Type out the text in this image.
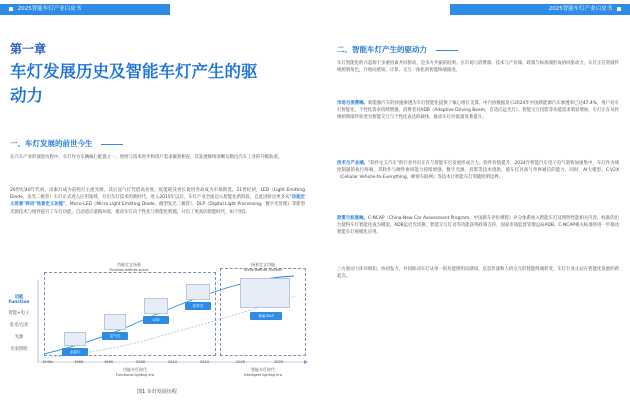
2025智能车灯产业白皮书
第一章
车灯发展历史及智能车灯产生的驱动力
一、车灯发展的前世今生
在汽车产业的演进历程中，车灯作为车辆核心配置之一，始终与技术进步和用户需求紧密相连，其发展脉络清晰勾勒出汽车工业的升级轨迹。
20世纪40年代初，卤素灯成为前照灯主流光源，其后氙气灯凭借高亮度、低能耗及更长使用寿命成为市场新选。21世纪初，LED（Light Emitting Diode，发光二极管）车灯正式进入应用领域，开启车灯技术的新时代，进入2015年以后，车灯产业全面迈入智能化新阶段，自此进阶出更多从"功能定义场景"转向"场景定义功能"。Micro-LED（Micro Light Emitting Diode，微型发光二极管）、DLP（Digital Light Processing，数字光处理）等新型光源技术与组件提升了车灯功能，自动适应道路环境，推动车灯向个性化与智能化跨越，开启了更高的智能时代，如下图1。
功能 Function
智能+电子
发光/点亮
光源
光束照明
功能定义场景
Function defines scene
场景定义功能
Scene defines function
卤素灯
氙气灯
LED
矩阵式
像素/DLP
1940s	1980	1990	2000	2010	2015	2020	2025
功能车灯时代
Functional lighting era
智能车灯时代
Intelligent lighting era
图1 车灯发展历程
2025智能车灯产业白皮书
二、智能车灯产生的驱动力
车灯智能化的兴起源于多重因素共同驱动，是多方共振的结果。在市场与消费端、技术与产业端、政策与标准端形成协同驱动力，车灯正在突破传统照明角色，开始向感知、计算、交互一体化的智能终端演进。
市场与消费端。新能源汽车的快速渗透为车灯智能化提供了核心增长支撑。中汽协数据显示2024年中国新能源汽车渗透率已达47.4%，用户对车灯智能化、个性化需求持续增强，消费者对ADB（Adaptive Driving Beam，自适应远光灯）、智能交互投影等功能需求明显增加，车灯正在从传统照明部件转变为智能交互与个性化表达的载体，推动车灯价值量显著提升。
技术与产业端。"软件定义汽车"的行业共识正在与智能车灯发展形成合力。软件价值提升，2024年智能汽车电子电气架构加速集中，车灯作为域控制器的执行终端，其软件与硬件协同能力持续增强，数字光源、投影等技术创新，使车灯具备与外界通信的能力，同时，AI大模型、C-V2X（Cellular Vehicle-to-Everything，蜂窝车联网）等技术让智能车灯突破照明边界。
政策与标准端。C-NCAP（China-New Car Assessment Program，中国新车评价规程）评分体系加入智能车灯及照明性能相关内容，标准的出台使得车灯智能化成为刚需，ADB远近光切换、智能交互灯语等功能获得政策支持，国家市场监督管理总局ADB、C-NCAP相关标准将进一步推动智能车灯规模化应用。
三方驱动力环环相扣，协同发力，共同推动车灯从单一的功能照明向感知、信息传递和人机交互的智能终端转变，车灯行业正站在智能化发展的新起点。
